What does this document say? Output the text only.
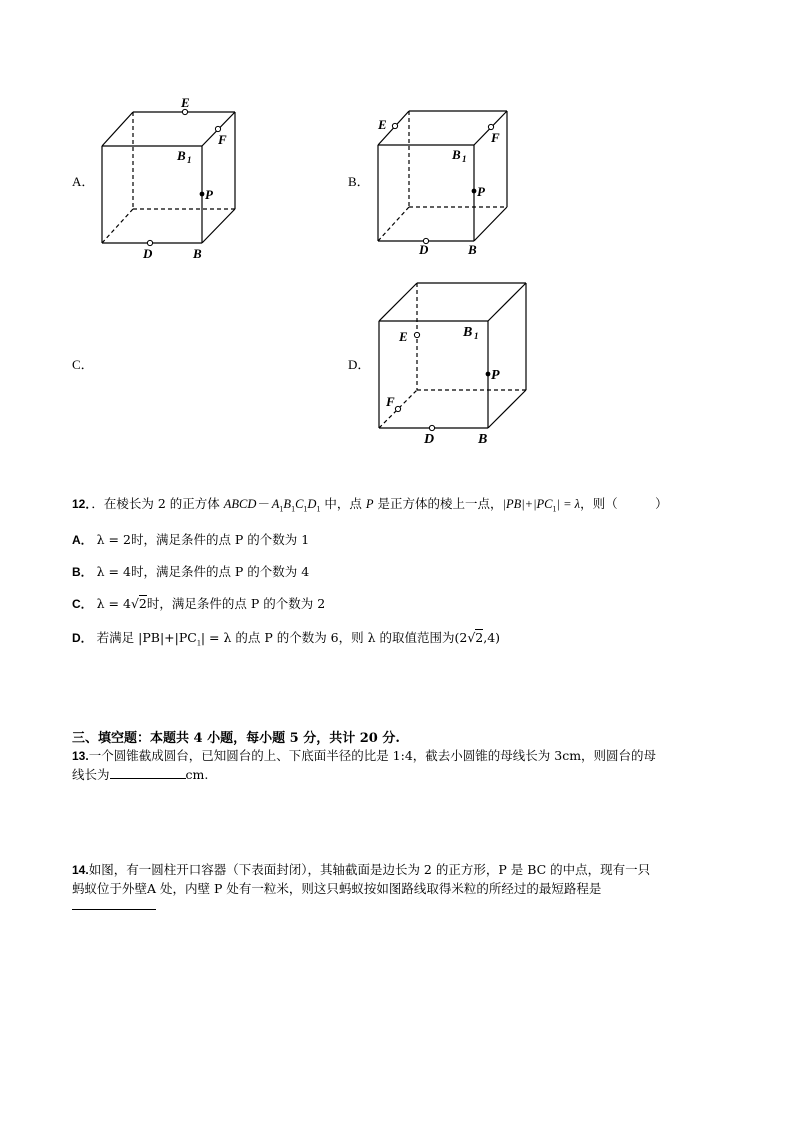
A．
E
F
B 1
P
D	B
B．
E
F
B 1
P
D	B
C．	D．
E
F
B 1
P
D	B
12．．在棱长为 2 的正方体 ABCD－ $A_1B_1C_1D_1$ 中，点 P 是正方体的棱上一点，$|PB|+|PC_1| = \lambda$，则（　　　）
A． λ = 2时，满足条件的点 P 的个数为 1
B． λ = 4时，满足条件的点 P 的个数为 4
C． λ = 4√2时，满足条件的点 P 的个数为 2
D． 若满足 $|PB|+|PC_1| = \lambda$ 的点 P 的个数为 6，则 λ 的取值范围为(2√2,4)
三、填空题：本题共 4 小题，每小题 5 分，共计 20 分.
13.一个圆锥截成圆台，已知圆台的上、下底面半径的比是 1:4，截去小圆锥的母线长为 3cm，则圆台的母
线长为	cm.
14.如图，有一圆柱开口容器（下表面封闭），其轴截面是边长为 2 的正方形，P 是 BC 的中点，现有一只
蚂蚁位于外壁A 处，内壁 P 处有一粒米，则这只蚂蚁按如图路线取得米粒的所经过的最短路程是
